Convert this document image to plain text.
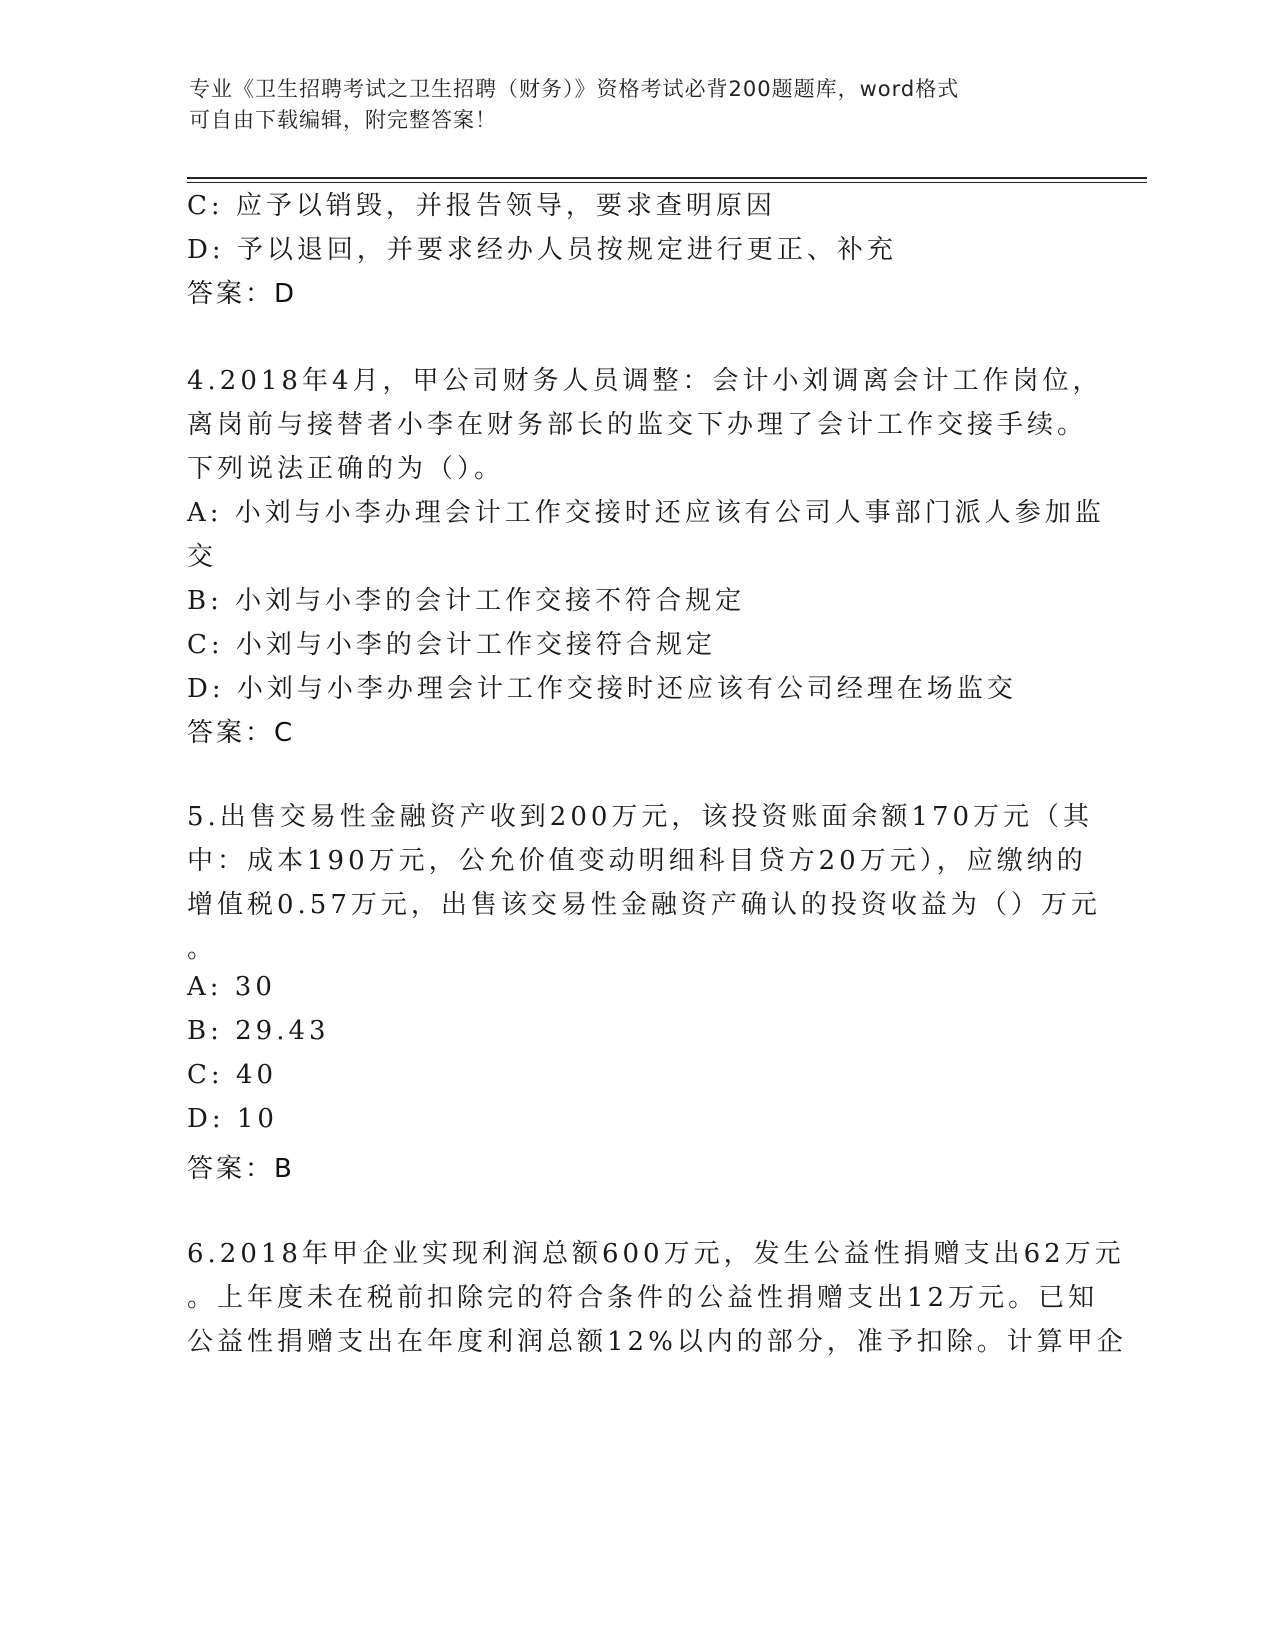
专业《卫生招聘考试之卫生招聘（财务）》资格考试必背200题题库，word格式
可自由下载编辑，附完整答案！
C: 应予以销毁，并报告领导，要求查明原因
D: 予以退回，并要求经办人员按规定进行更正、补充
答案：D
4.2018年4月，甲公司财务人员调整：会计小刘调离会计工作岗位，
离岗前与接替者小李在财务部长的监交下办理了会计工作交接手续。
下列说法正确的为（）。
A: 小刘与小李办理会计工作交接时还应该有公司人事部门派人参加监
交
B: 小刘与小李的会计工作交接不符合规定
C: 小刘与小李的会计工作交接符合规定
D: 小刘与小李办理会计工作交接时还应该有公司经理在场监交
答案：C
5.出售交易性金融资产收到200万元，该投资账面余额170万元（其
中：成本190万元，公允价值变动明细科目贷方20万元），应缴纳的
增值税0.57万元，出售该交易性金融资产确认的投资收益为（）万元
。
A: 30
B: 29.43
C: 40
D: 10
答案：B
6.2018年甲企业实现利润总额600万元，发生公益性捐赠支出62万元
。上年度未在税前扣除完的符合条件的公益性捐赠支出12万元。已知
公益性捐赠支出在年度利润总额12%以内的部分，准予扣除。计算甲企
